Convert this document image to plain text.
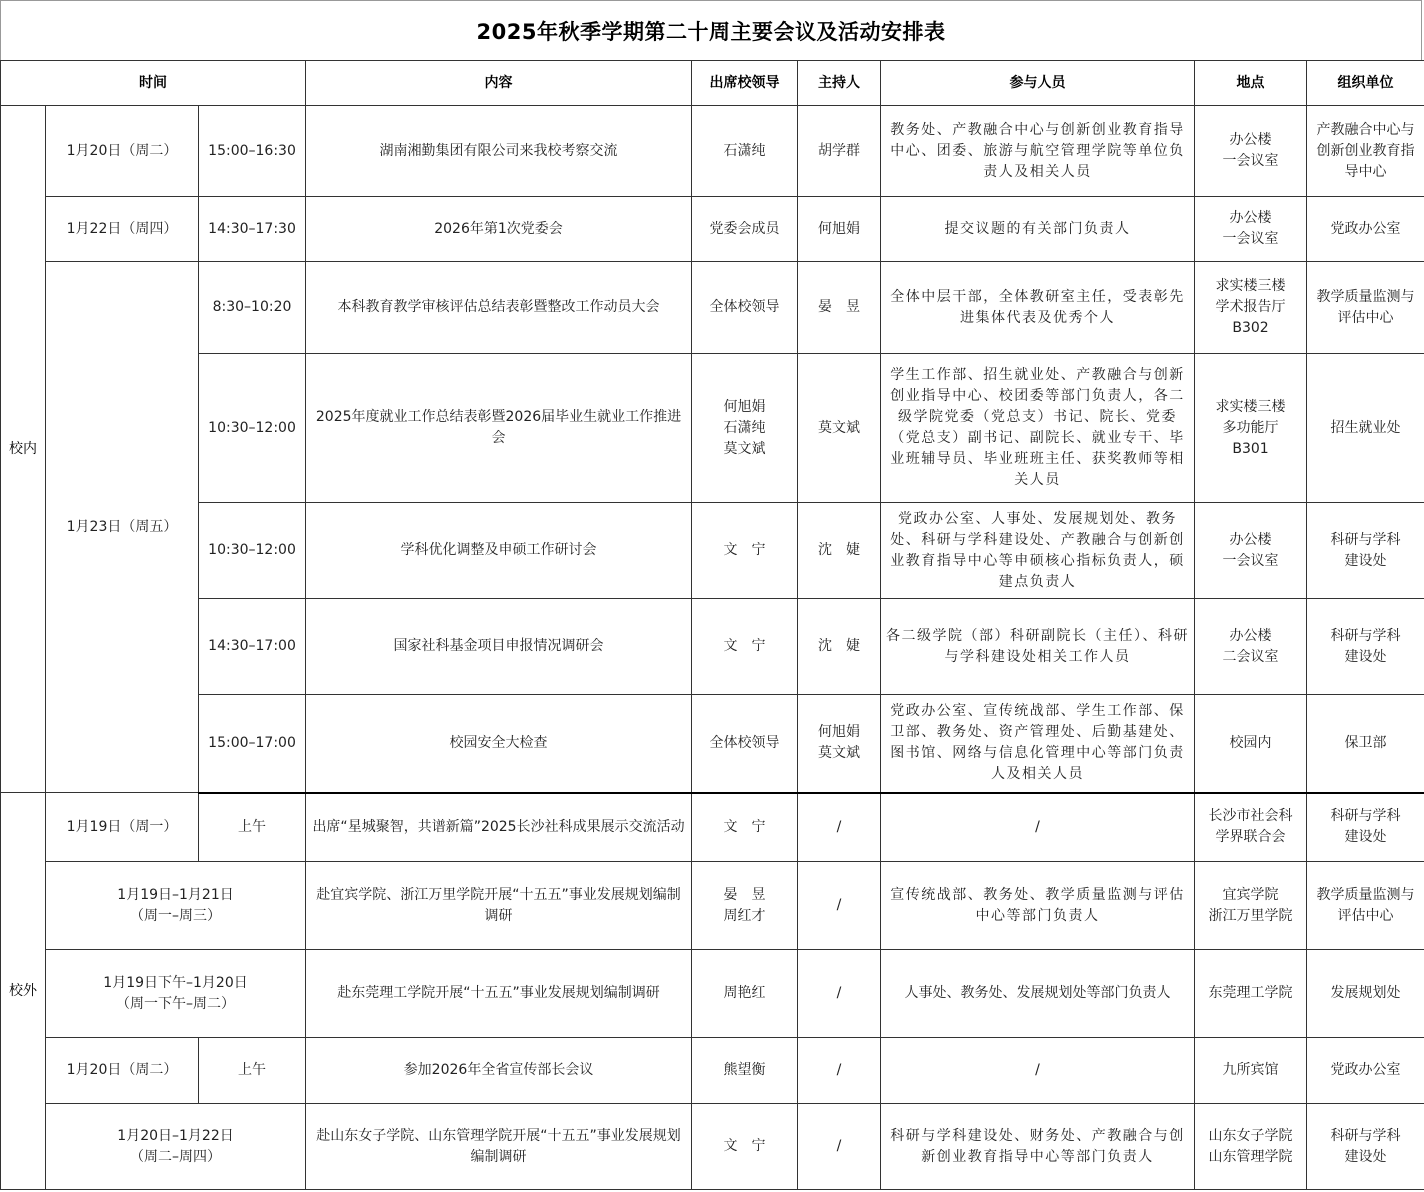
2025年秋季学期第二十周主要会议及活动安排表
时间			内容	出席校领导	主持人	参与人员	地点	组织单位
校内	1月20日（周二）	15:00–16:30	湖南湘勤集团有限公司来我校考察交流	石潇纯	胡学群	教务处、产教融合中心与创新创业教育指导中心、团委、旅游与航空管理学院等单位负责人及相关人员	办公楼
一会议室	产教融合中心与创新创业教育指导中心
	1月22日（周四）	14:30–17:30	2026年第1次党委会	党委会成员	何旭娟	提交议题的有关部门负责人	办公楼
一会议室	党政办公室
	1月23日（周五）	8:30–10:20	本科教育教学审核评估总结表彰暨整改工作动员大会	全体校领导	晏　昱	全体中层干部，全体教研室主任，受表彰先进集体代表及优秀个人	求实楼三楼
学术报告厅
B302	教学质量监测与评估中心
		10:30–12:00	2025年度就业工作总结表彰暨2026届毕业生就业工作推进会	何旭娟
石潇纯
莫文斌	莫文斌	学生工作部、招生就业处、产教融合与创新创业指导中心、校团委等部门负责人，各二级学院党委（党总支）书记、院长、党委（党总支）副书记、副院长、就业专干、毕业班辅导员、毕业班班主任、获奖教师等相关人员	求实楼三楼
多功能厅
B301	招生就业处
		10:30–12:00	学科优化调整及申硕工作研讨会	文　宁	沈　婕	党政办公室、人事处、发展规划处、教务处、科研与学科建设处、产教融合与创新创业教育指导中心等申硕核心指标负责人，硕建点负责人	办公楼
一会议室	科研与学科
建设处
		14:30–17:00	国家社科基金项目申报情况调研会	文　宁	沈　婕	各二级学院（部）科研副院长（主任）、科研与学科建设处相关工作人员	办公楼
二会议室	科研与学科
建设处
		15:00–17:00	校园安全大检查	全体校领导	何旭娟
莫文斌	党政办公室、宣传统战部、学生工作部、保卫部、教务处、资产管理处、后勤基建处、图书馆、网络与信息化管理中心等部门负责人及相关人员	校园内	保卫部
校外	1月19日（周一）	上午	出席“星城聚智，共谱新篇”2025长沙社科成果展示交流活动	文　宁	/	/	长沙市社会科
学界联合会	科研与学科
建设处
	1月19日–1月21日
（周一–周三）		赴宜宾学院、浙江万里学院开展“十五五”事业发展规划编制调研	晏　昱
周红才	/	宣传统战部、教务处、教学质量监测与评估中心等部门负责人	宜宾学院
浙江万里学院	教学质量监测与评估中心
	1月19日下午–1月20日
（周一下午–周二）		赴东莞理工学院开展“十五五”事业发展规划编制调研	周艳红	/	人事处、教务处、发展规划处等部门负责人	东莞理工学院	发展规划处
	1月20日（周二）	上午	参加2026年全省宣传部长会议	熊望衡	/	/	九所宾馆	党政办公室
	1月20日–1月22日
（周二–周四）		赴山东女子学院、山东管理学院开展“十五五”事业发展规划编制调研	文　宁	/	科研与学科建设处、财务处、产教融合与创新创业教育指导中心等部门负责人	山东女子学院
山东管理学院	科研与学科
建设处
